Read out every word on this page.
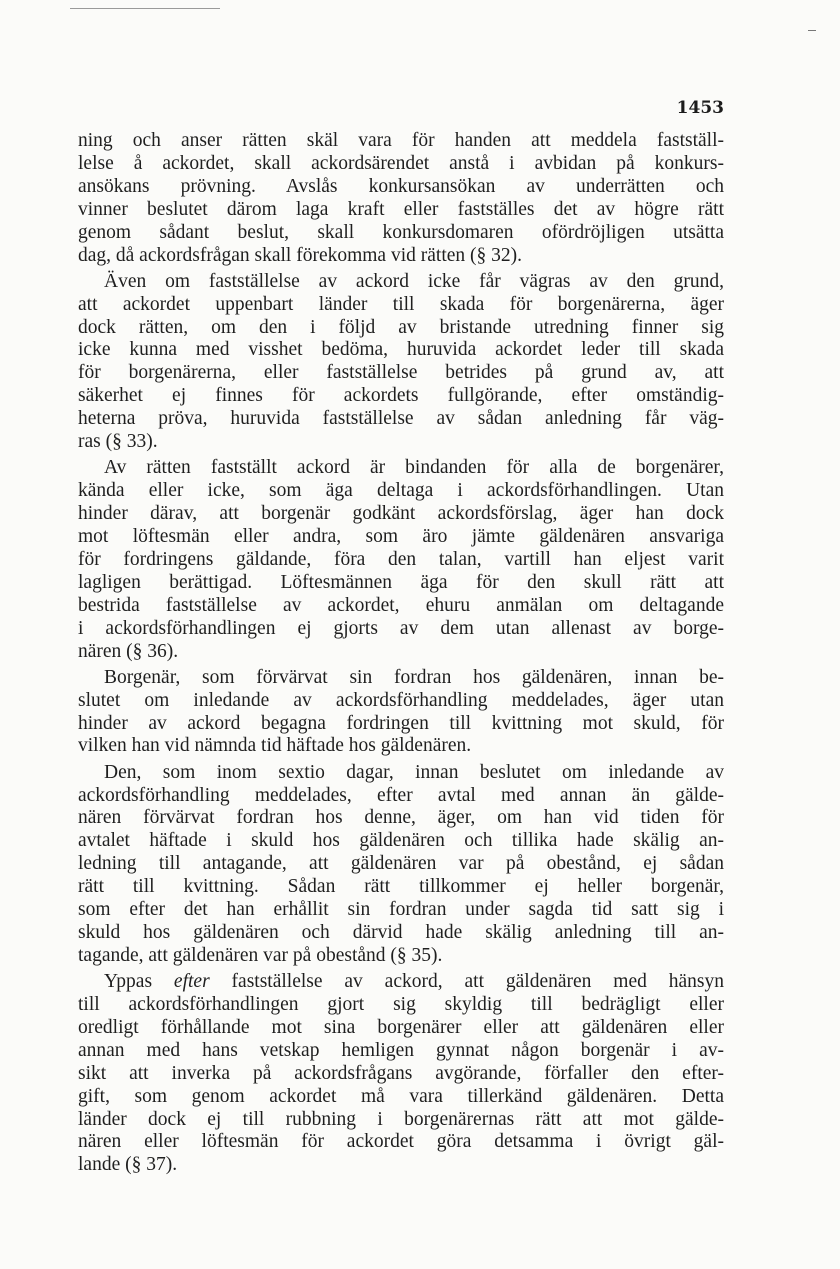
1453

ning och anser rätten skäl vara för handen att meddela fastställ-
lelse å ackordet, skall ackordsärendet anstå i avbidan på konkurs-
ansökans prövning. Avslås konkursansökan av underrätten och
vinner beslutet därom laga kraft eller fastställes det av högre rätt
genom sådant beslut, skall konkursdomaren ofördröjligen utsätta
dag, då ackordsfrågan skall förekomma vid rätten (§ 32).
Även om fastställelse av ackord icke får vägras av den grund,
att ackordet uppenbart länder till skada för borgenärerna, äger
dock rätten, om den i följd av bristande utredning finner sig
icke kunna med visshet bedöma, huruvida ackordet leder till skada
för borgenärerna, eller fastställelse betrides på grund av, att
säkerhet ej finnes för ackordets fullgörande, efter omständig-
heterna pröva, huruvida fastställelse av sådan anledning får väg-
ras (§ 33).
Av rätten fastställt ackord är bindanden för alla de borgenärer,
kända eller icke, som äga deltaga i ackordsförhandlingen. Utan
hinder därav, att borgenär godkänt ackordsförslag, äger han dock
mot löftesmän eller andra, som äro jämte gäldenären ansvariga
för fordringens gäldande, föra den talan, vartill han eljest varit
lagligen berättigad. Löftesmännen äga för den skull rätt att
bestrida fastställelse av ackordet, ehuru anmälan om deltagande
i ackordsförhandlingen ej gjorts av dem utan allenast av borge-
nären (§ 36).
Borgenär, som förvärvat sin fordran hos gäldenären, innan be-
slutet om inledande av ackordsförhandling meddelades, äger utan
hinder av ackord begagna fordringen till kvittning mot skuld, för
vilken han vid nämnda tid häftade hos gäldenären.
Den, som inom sextio dagar, innan beslutet om inledande av
ackordsförhandling meddelades, efter avtal med annan än gälde-
nären förvärvat fordran hos denne, äger, om han vid tiden för
avtalet häftade i skuld hos gäldenären och tillika hade skälig an-
ledning till antagande, att gäldenären var på obestånd, ej sådan
rätt till kvittning. Sådan rätt tillkommer ej heller borgenär,
som efter det han erhållit sin fordran under sagda tid satt sig i
skuld hos gäldenären och därvid hade skälig anledning till an-
tagande, att gäldenären var på obestånd (§ 35).
Yppas efter fastställelse av ackord, att gäldenären med hänsyn
till ackordsförhandlingen gjort sig skyldig till bedrägligt eller
oredligt förhållande mot sina borgenärer eller att gäldenären eller
annan med hans vetskap hemligen gynnat någon borgenär i av-
sikt att inverka på ackordsfrågans avgörande, förfaller den efter-
gift, som genom ackordet må vara tillerkänd gäldenären. Detta
länder dock ej till rubbning i borgenärernas rätt att mot gälde-
nären eller löftesmän för ackordet göra detsamma i övrigt gäl-
lande (§ 37).
